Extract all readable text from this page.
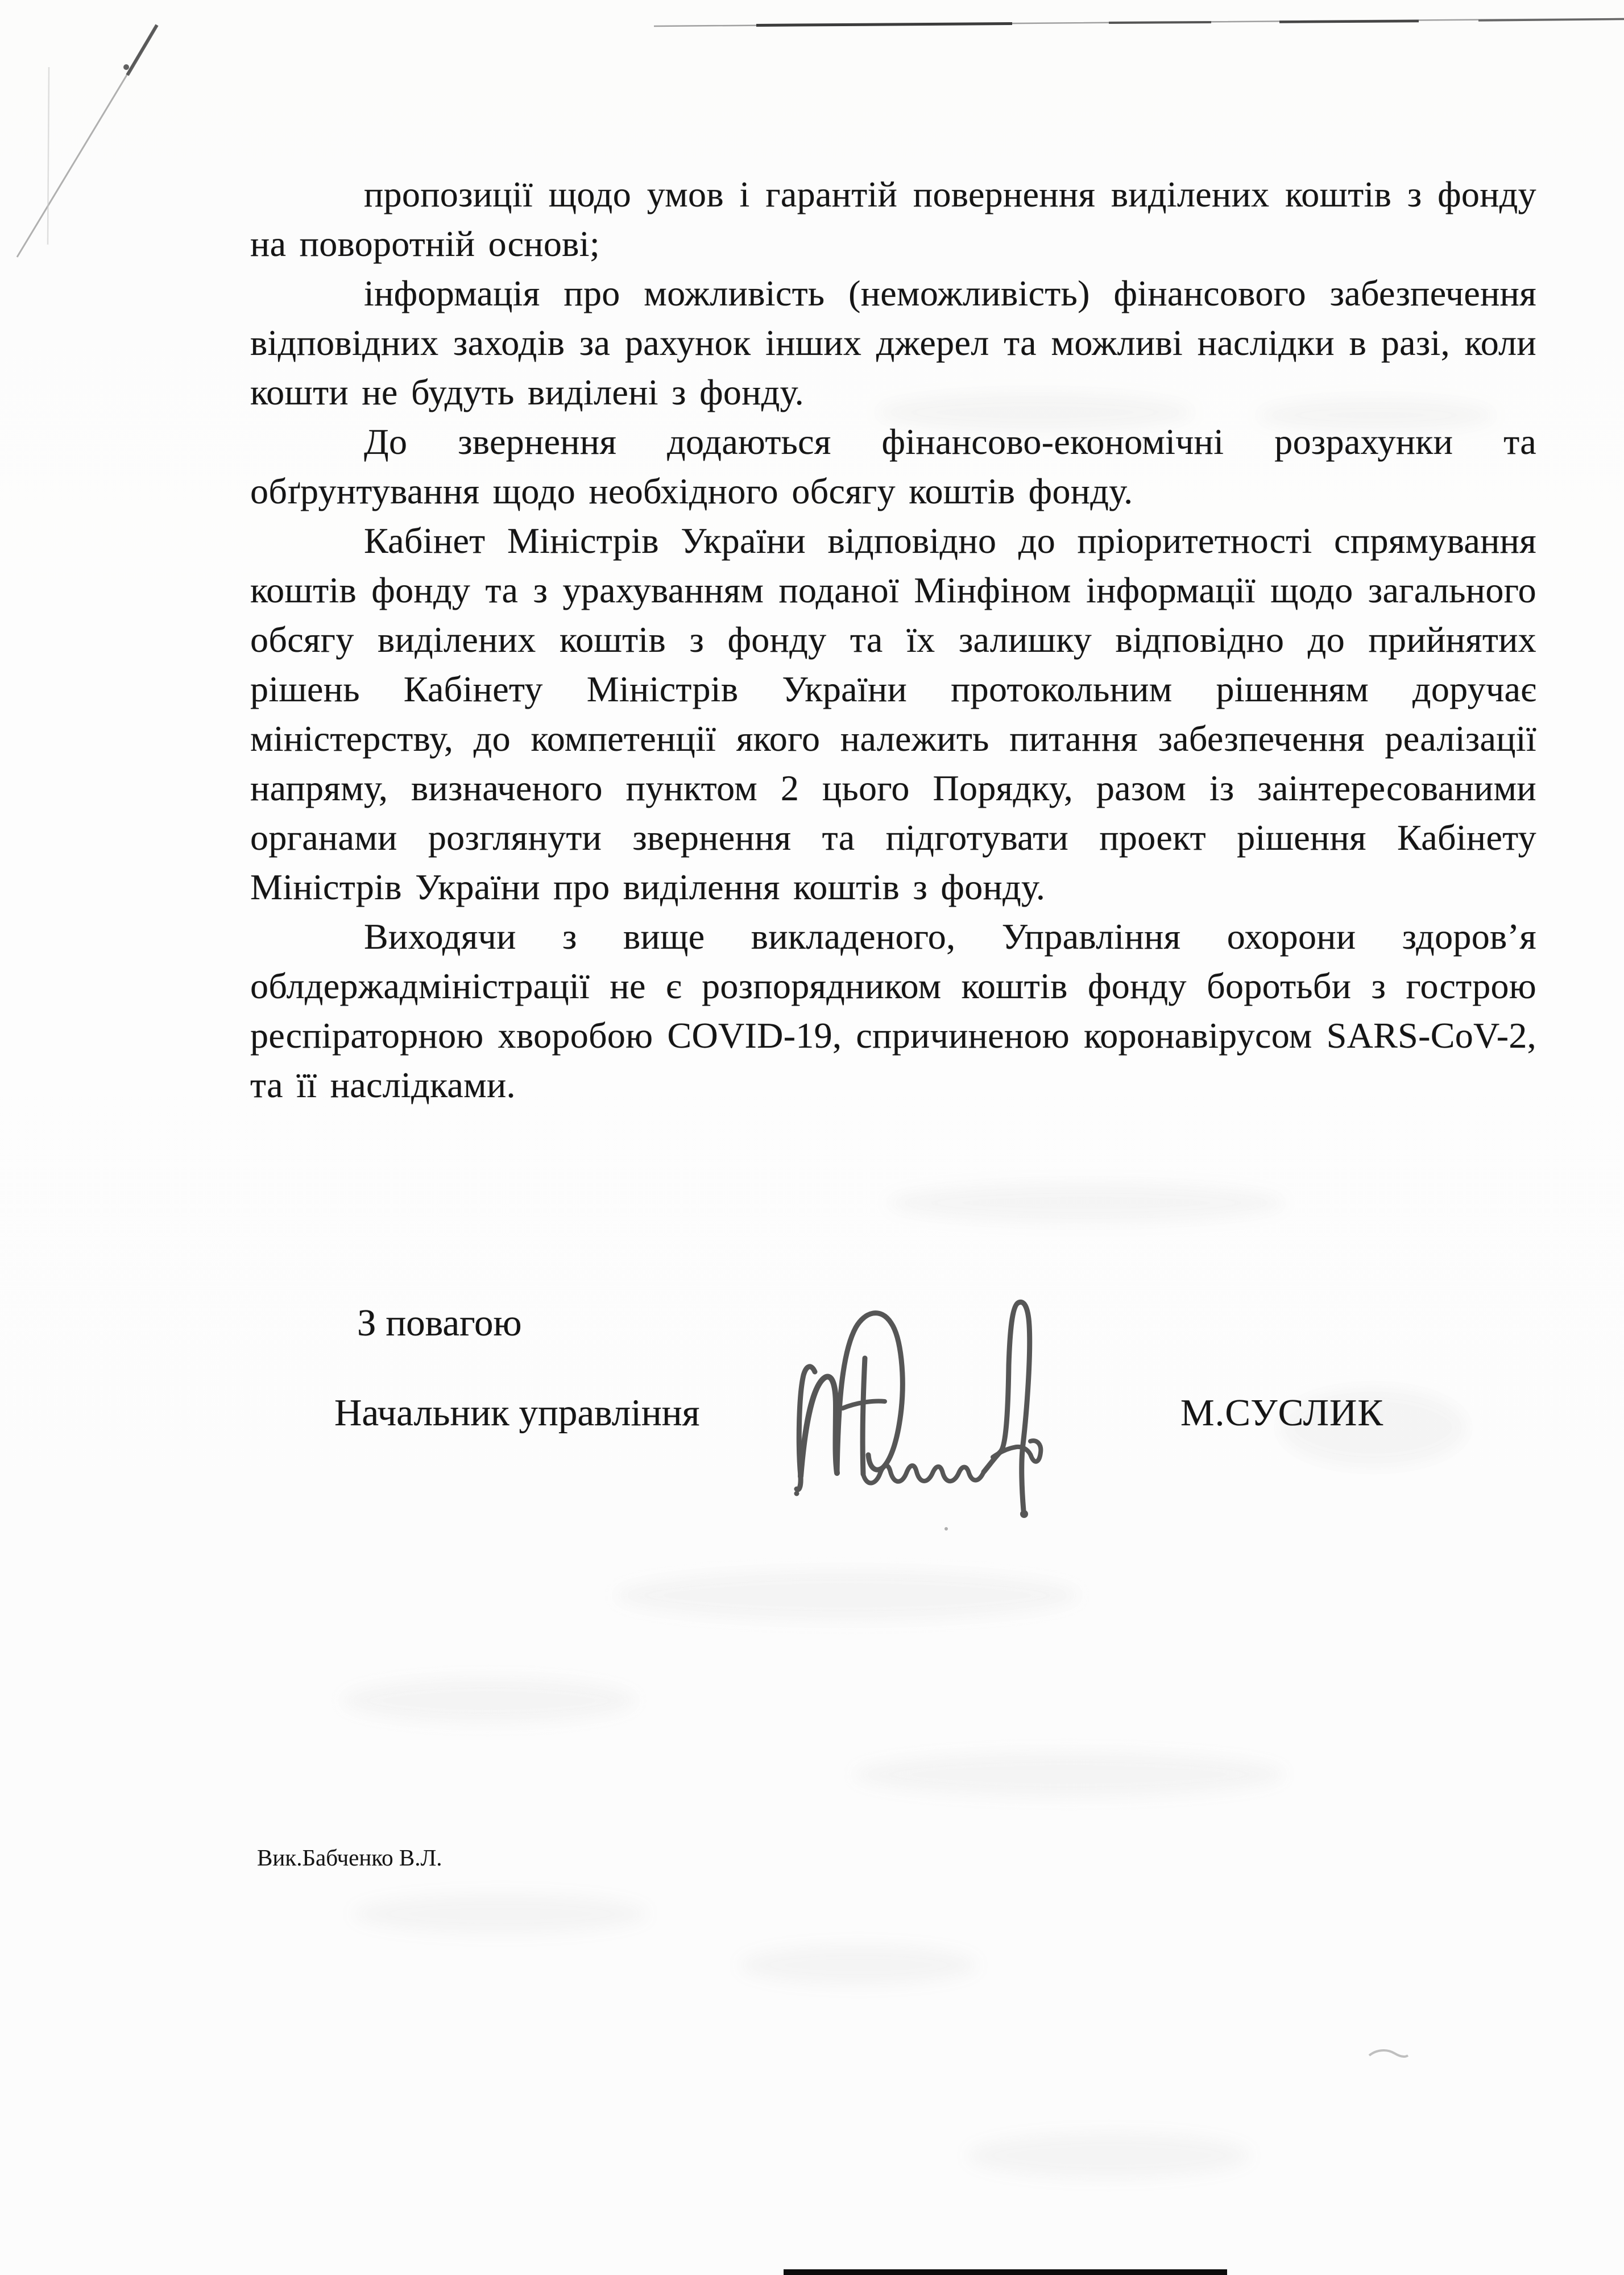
пропозиції щодо умов і гарантій повернення виділених коштів з фонду на поворотній основі;

інформація про можливість (неможливість) фінансового забезпечення відповідних заходів за рахунок інших джерел та можливі наслідки в разі, коли кошти не будуть виділені з фонду.

До звернення додаються фінансово-економічні розрахунки та обґрунтування щодо необхідного обсягу коштів фонду.

Кабінет Міністрів України відповідно до пріоритетності спрямування коштів фонду та з урахуванням поданої Мінфіном інформації щодо загального обсягу виділених коштів з фонду та їх залишку відповідно до прийнятих рішень Кабінету Міністрів України протокольним рішенням доручає міністерству, до компетенції якого належить питання забезпечення реалізації напряму, визначеного пунктом 2 цього Порядку, разом із заінтересованими органами розглянути звернення та підготувати проект рішення Кабінету Міністрів України про виділення коштів з фонду.

Виходячи з вище викладеного, Управління охорони здоров’я облдержадміністрації не є розпорядником коштів фонду боротьби з гострою респіраторною хворобою COVID-19, спричиненою коронавірусом SARS-CoV-2, та її наслідками.

З повагою
Начальник управління	М.СУСЛИК
Вик.Бабченко В.Л.
